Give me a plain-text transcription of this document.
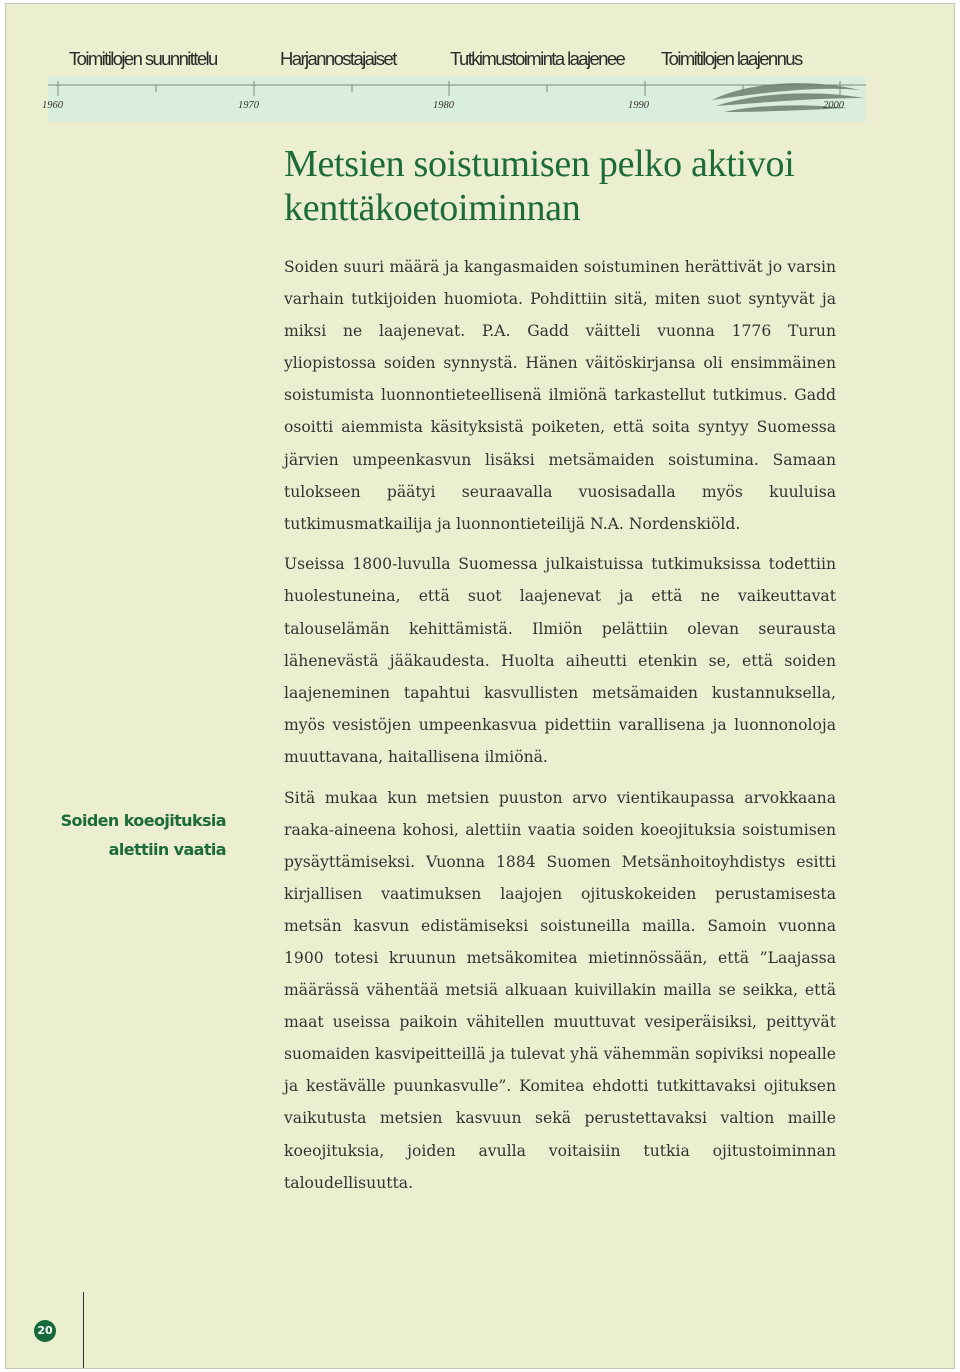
Toimitilojen suunnittelu	Harjannostajaiset	Tutkimustoiminta laajenee Toimitilojen laajennus
1960	1970	1980	1990	2000
Metsien soistumisen pelko aktivoi kenttäkoetoiminnan

Soiden suuri määrä ja kangasmaiden soistuminen herättivät jo varsin varhain tutkijoiden huomiota. Pohdittiin sitä, miten suot syntyvät ja miksi ne laajenevat. P.A. Gadd väitteli vuonna 1776 Turun yliopistossa soiden synnystä. Hänen väitöskirjansa oli ensimmäinen soistumista luonnontieteellisenä ilmiönä tarkastellut tutkimus. Gadd osoitti aiemmista käsityksistä poiketen, että soita syntyy Suomessa järvien umpeenkasvun lisäksi metsämaiden soistumina. Samaan tulokseen päätyi seuraavalla vuosisadalla myös kuuluisa tutkimusmatkailija ja luonnontieteilijä N.A. Nordenskiöld.

Useissa 1800-luvulla Suomessa julkaistuissa tutkimuksissa todettiin huolestuneina, että suot laajenevat ja että ne vaikeuttavat talouselämän kehittämistä. Ilmiön pelättiin olevan seurausta lähenevästä jääkaudesta. Huolta aiheutti etenkin se, että soiden laajeneminen tapahtui kasvullisten metsämaiden kustannuksella, myös vesistöjen umpeenkasvua pidettiin varallisena ja luonnonoloja muuttavana, haitallisena ilmiönä.

Sitä mukaa kun metsien puuston arvo vientikaupassa arvokkaana raaka-aineena kohosi, alettiin vaatia soiden koeojituksia soistumisen pysäyttämiseksi. Vuonna 1884 Suomen Metsänhoitoyhdistys esitti kirjallisen vaatimuksen laajojen ojituskokeiden perustamisesta metsän kasvun edistämiseksi soistuneilla mailla. Samoin vuonna 1900 totesi kruunun metsäkomitea mietinnössään, että ”Laajassa määrässä vähentää metsiä alkuaan kuivillakin mailla se seikka, että maat useissa paikoin vähitellen muuttuvat vesiperäisiksi, peittyvät suomaiden kasvipeitteillä ja tulevat yhä vähemmän sopiviksi nopealle ja kestävälle puunkasvulle”. Komitea ehdotti tutkittavaksi ojituksen vaikutusta metsien kasvuun sekä perustettavaksi valtion maille koeojituksia, joiden avulla voitaisiin tutkia ojitustoiminnan taloudellisuutta.

Soiden koeojituksia
alettiin vaatia
20
